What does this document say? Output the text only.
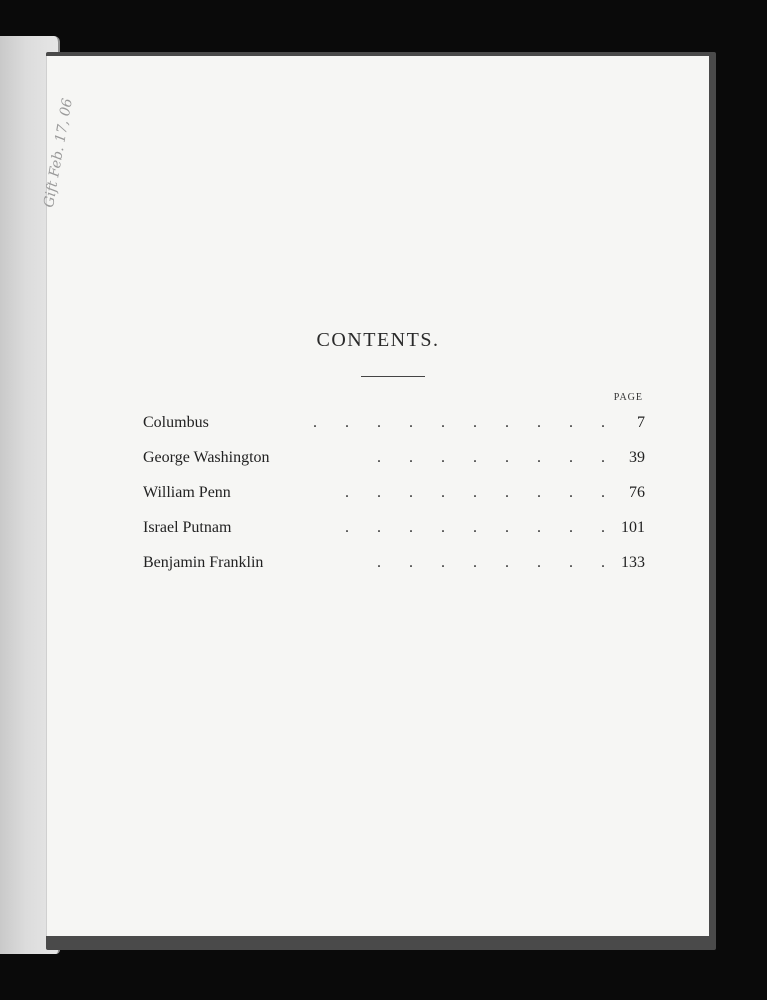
Gift Feb. 17, 06
CONTENTS.
PAGE
Columbus	. . . . . . . . . .	7
George Washington	. . . . . . . . 39
William Penn	. . . . . . . . . 76
Israel Putnam	. . . . . . . . . 101
Benjamin Franklin	. . . . . . . . 133
